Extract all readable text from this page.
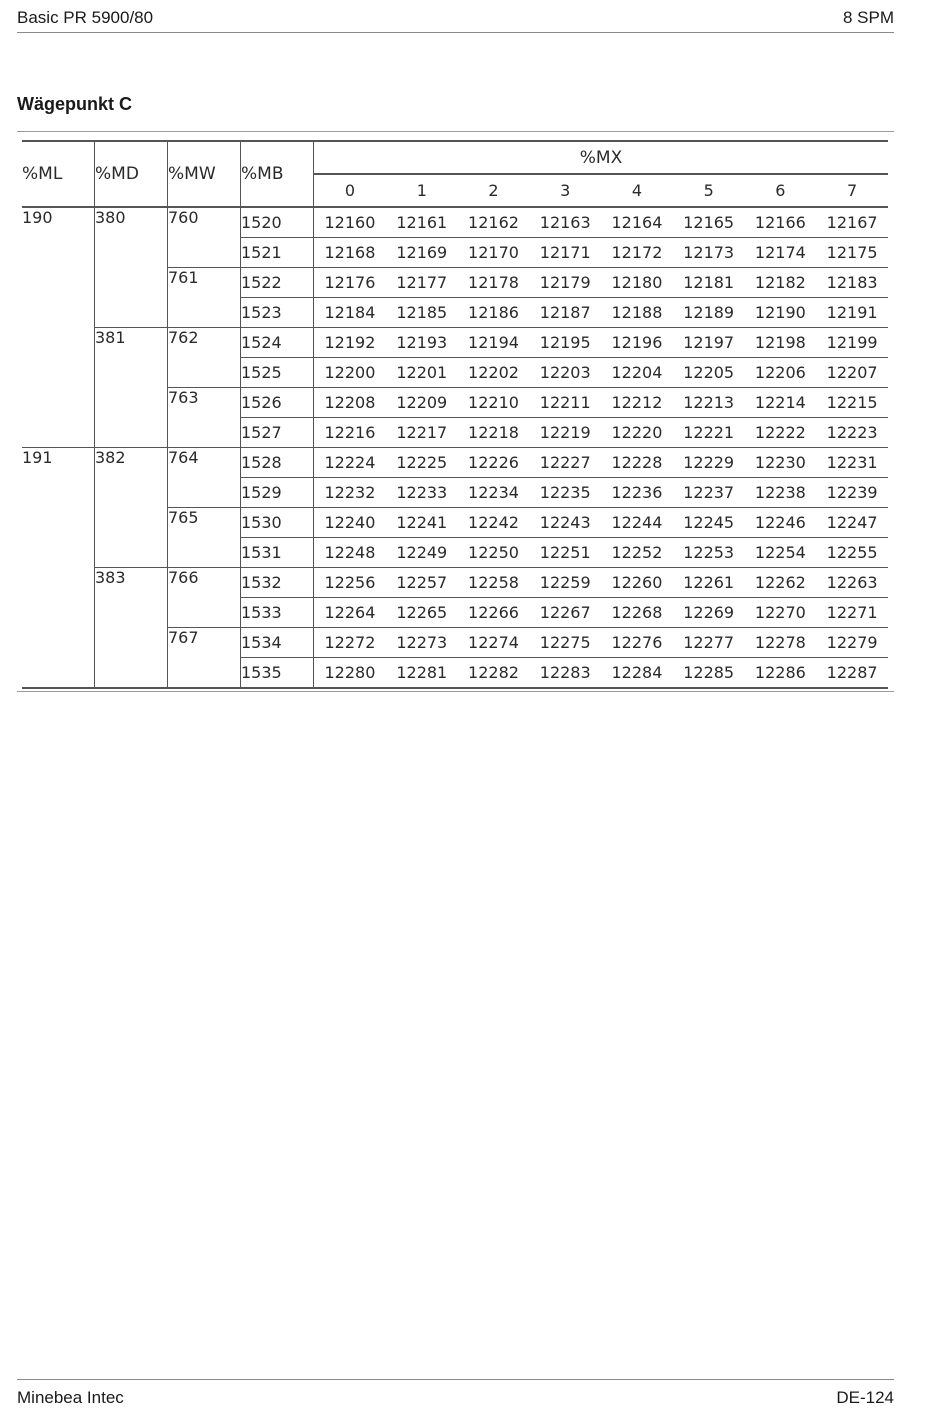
Basic PR 5900/80	8 SPM
Wägepunkt C
%ML	%MD	%MW	%MB	%MX							
				0	1	2	3	4	5	6	7
190	380	760	1520	12160	12161	12162	12163	12164	12165	12166	12167
			1521	12168	12169	12170	12171	12172	12173	12174	12175
		761	1522	12176	12177	12178	12179	12180	12181	12182	12183
			1523	12184	12185	12186	12187	12188	12189	12190	12191
	381	762	1524	12192	12193	12194	12195	12196	12197	12198	12199
			1525	12200	12201	12202	12203	12204	12205	12206	12207
		763	1526	12208	12209	12210	12211	12212	12213	12214	12215
			1527	12216	12217	12218	12219	12220	12221	12222	12223
191	382	764	1528	12224	12225	12226	12227	12228	12229	12230	12231
			1529	12232	12233	12234	12235	12236	12237	12238	12239
		765	1530	12240	12241	12242	12243	12244	12245	12246	12247
			1531	12248	12249	12250	12251	12252	12253	12254	12255
	383	766	1532	12256	12257	12258	12259	12260	12261	12262	12263
			1533	12264	12265	12266	12267	12268	12269	12270	12271
		767	1534	12272	12273	12274	12275	12276	12277	12278	12279
			1535	12280	12281	12282	12283	12284	12285	12286	12287
Minebea Intec	DE-124
